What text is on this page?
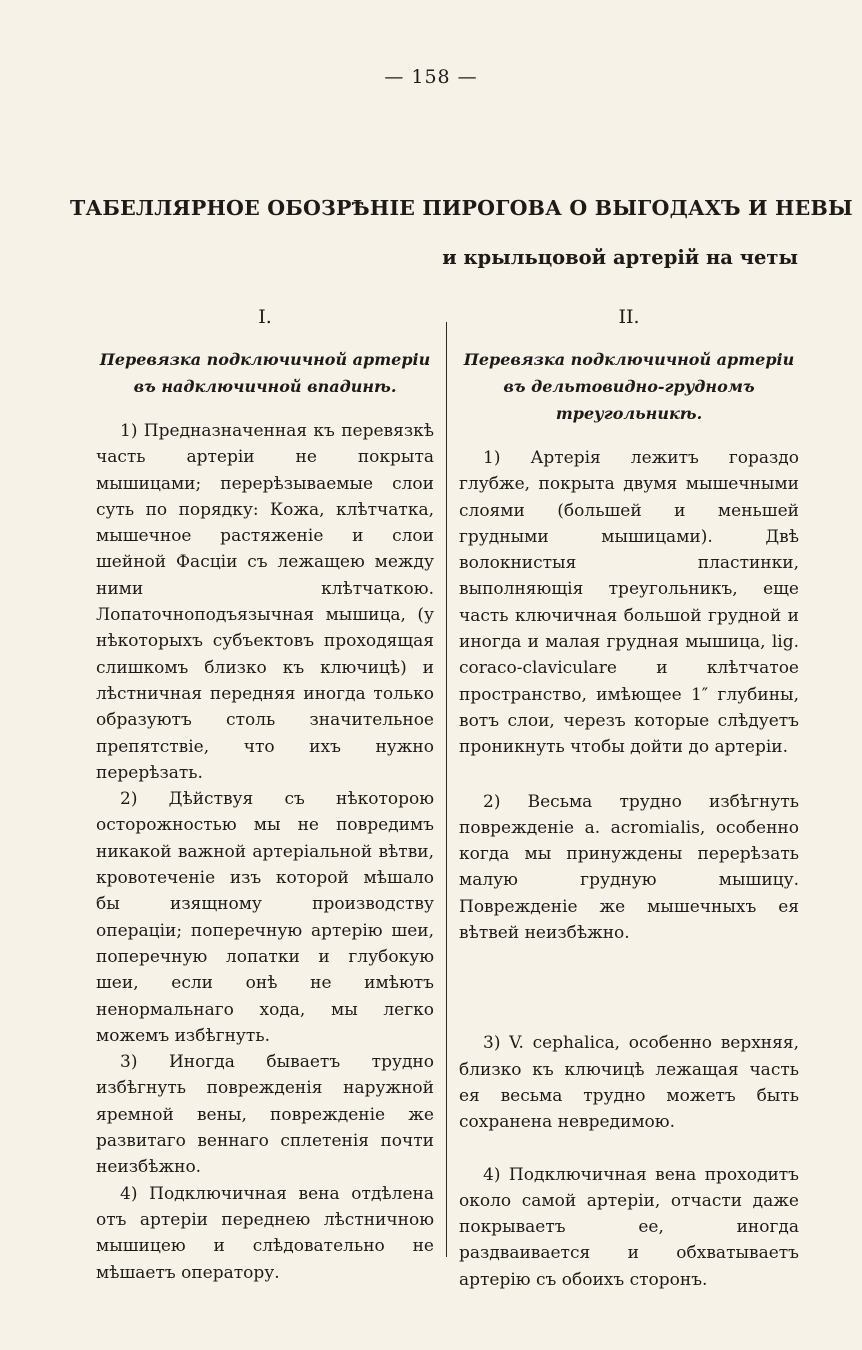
— 158 —
ТАБЕЛЛЯРНОЕ ОБОЗРѢНІЕ ПИРОГОВА О ВЫГОДАХЪ И НЕВЫ
и крыльцовой артерій на четы
I.
Перевязка подключичной артеріи въ надключичной впадинѣ.

1) Предназначенная къ перевязкѣ часть артеріи не покрыта мышицами; перерѣзываемые слои суть по порядку: Кожа, клѣтчатка, мышечное растяженіе и слои шейной Фасціи съ лежащею между ними клѣтчаткою. Лопаточноподъязычная мышица, (у нѣкоторыхъ субъектовъ проходящая слишкомъ близко къ ключицѣ) и лѣстничная передняя иногда только образуютъ столь значительное препятствіе, что ихъ нужно перерѣзать.

2) Дѣйствуя съ нѣкоторою осторожностью мы не повредимъ никакой важной артеріальной вѣтви, кровотеченіе изъ которой мѣшало бы изящному производству операціи; поперечную артерію шеи, поперечную лопатки и глубокую шеи, если онѣ не имѣютъ ненормальнаго хода, мы легко можемъ избѣгнуть.

3) Иногда бываетъ трудно избѣгнуть поврежденія наружной яремной вены, поврежденіе же развитаго веннаго сплетенія почти неизбѣжно.

4) Подключичная вена отдѣлена отъ артеріи переднею лѣстничною мышицею и слѣдовательно не мѣшаетъ оператору.

II.
Перевязка подключичной артеріи въ дельтовидно-грудномъ треугольникѣ.

1) Артерія лежитъ гораздо глубже, покрыта двумя мышечными слоями (большей и меньшей грудными мышицами). Двѣ волокнистыя пластинки, выполняющія треугольникъ, еще часть ключичная большой грудной и иногда и малая грудная мышица, lig. coraco-clavіculare и клѣтчатое пространство, имѣющее 1″ глубины, вотъ слои, черезъ которые слѣдуетъ проникнуть чтобы дойти до артеріи.

2) Весьма трудно избѣгнуть поврежденіе a. acromialis, особенно когда мы принуждены перерѣзать малую грудную мышицу. Поврежденіе же мышечныхъ ея вѣтвей неизбѣжно.

3) V. cephalica, особенно верхняя, близко къ ключицѣ лежащая часть ея весьма трудно можетъ быть сохранена невредимою.

4) Подключичная вена проходитъ около самой артеріи, отчасти даже покрываетъ ее, иногда раздваивается и обхватываетъ артерію съ обоихъ сторонъ.
